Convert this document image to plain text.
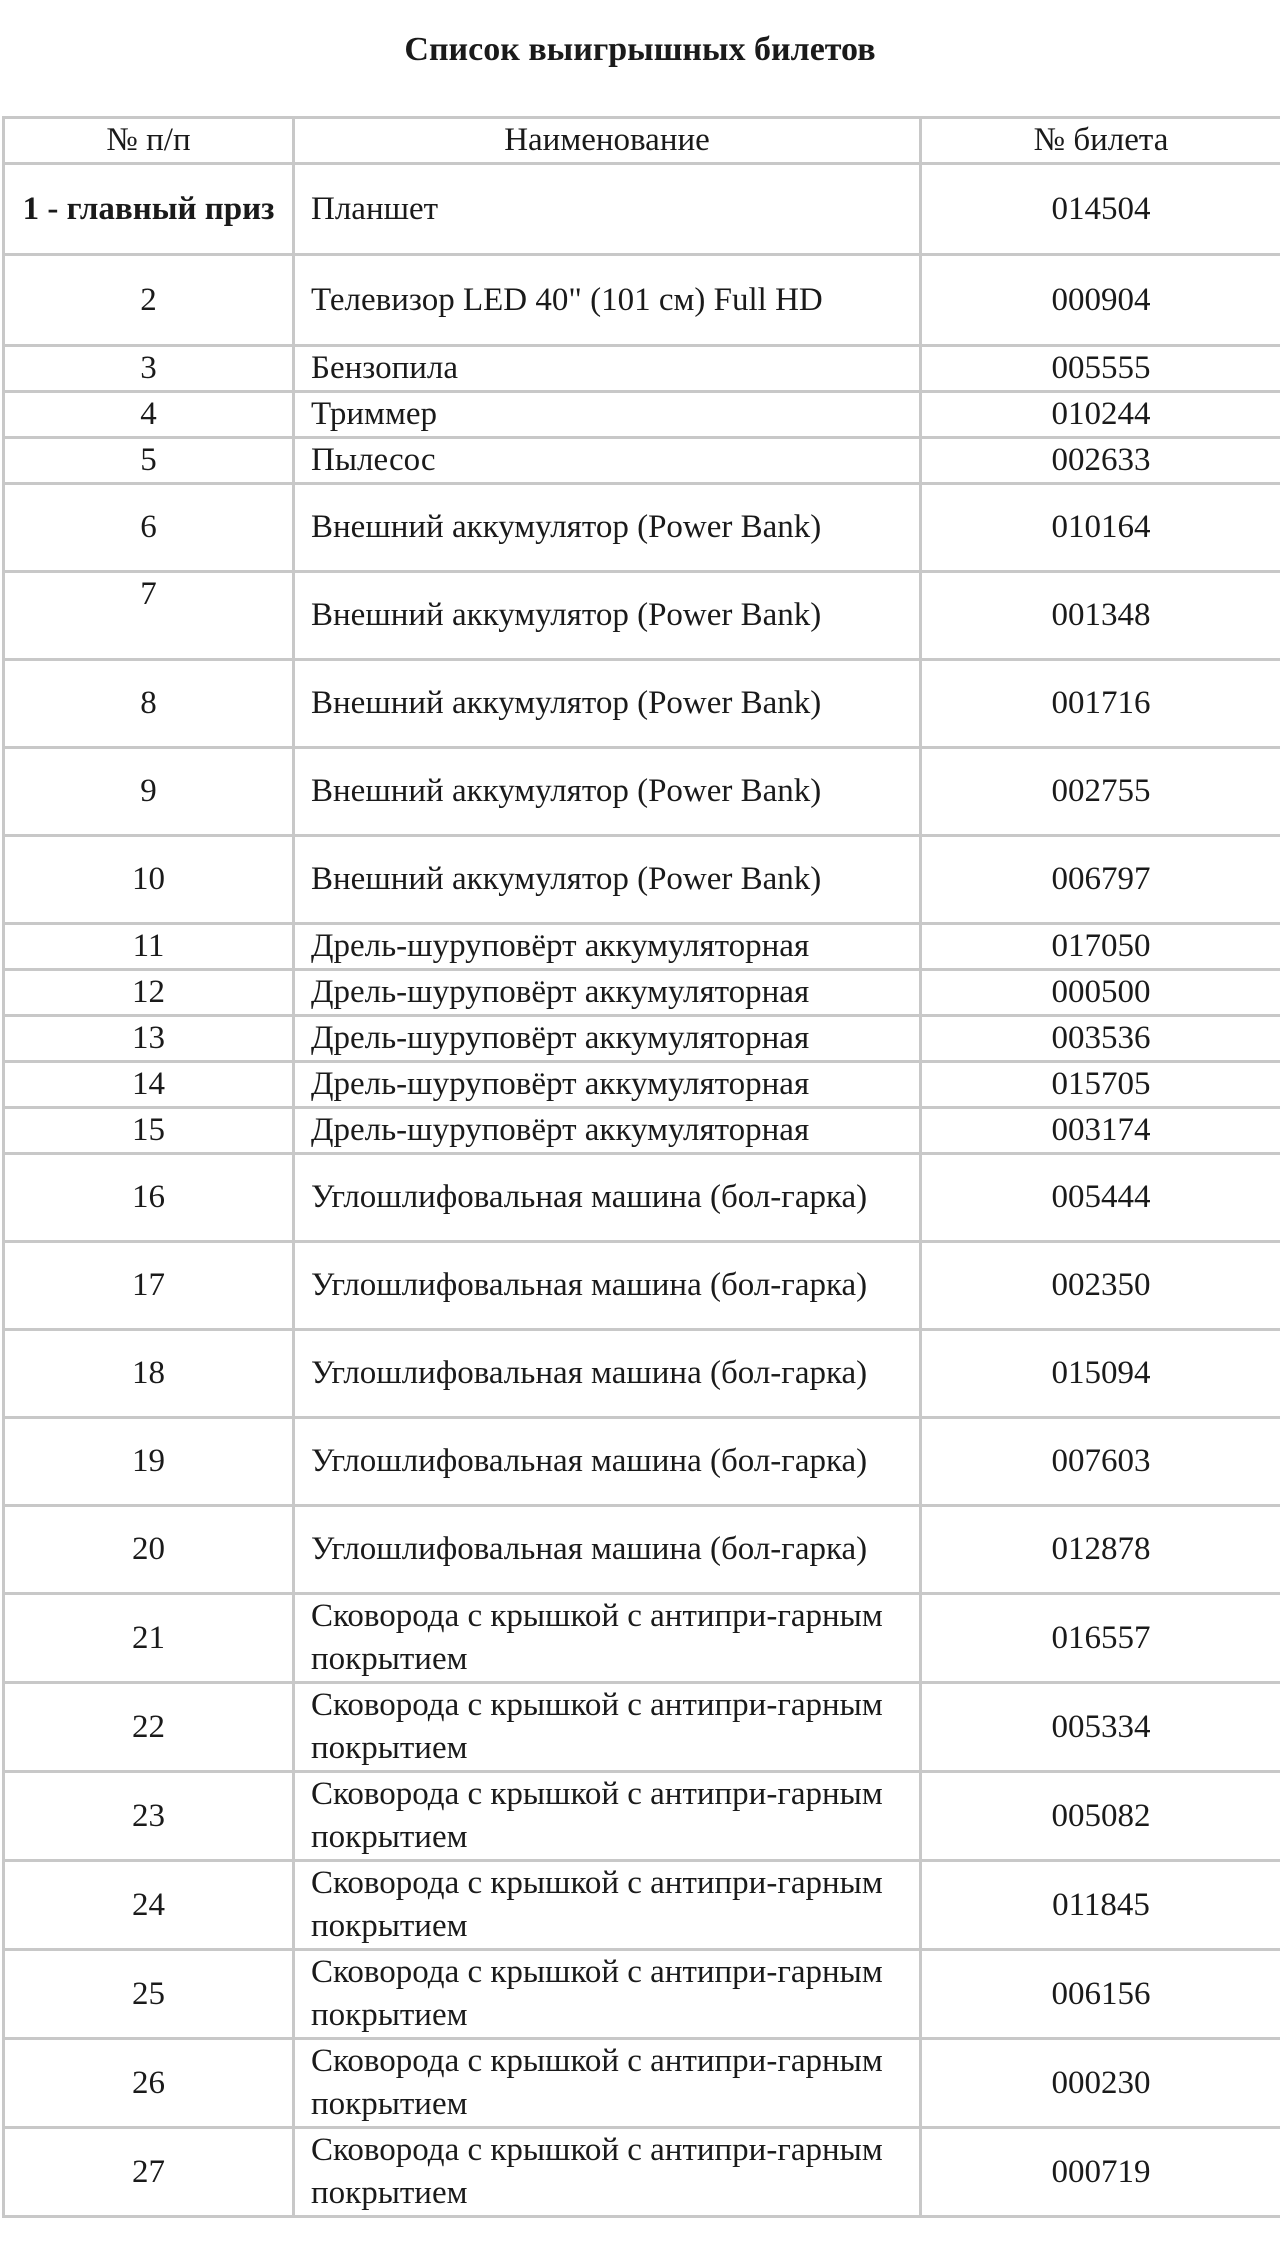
Список выигрышных билетов
№ п/п	Наименование	№ билета
1 - главный приз	Планшет	014504
2	Телевизор LED 40" (101 см) Full HD	000904
3	Бензопила	005555
4	Триммер	010244
5	Пылесос	002633
6	Внешний аккумулятор (Power Bank)	010164
7	Внешний аккумулятор (Power Bank)	001348
8	Внешний аккумулятор (Power Bank)	001716
9	Внешний аккумулятор (Power Bank)	002755
10	Внешний аккумулятор (Power Bank)	006797
11	Дрель-шуруповёрт аккумуляторная	017050
12	Дрель-шуруповёрт аккумуляторная	000500
13	Дрель-шуруповёрт аккумуляторная	003536
14	Дрель-шуруповёрт аккумуляторная	015705
15	Дрель-шуруповёрт аккумуляторная	003174
16	Углошлифовальная машина (бол-гарка)	005444
17	Углошлифовальная машина (бол-гарка)	002350
18	Углошлифовальная машина (бол-гарка)	015094
19	Углошлифовальная машина (бол-гарка)	007603
20	Углошлифовальная машина (бол-гарка)	012878
21	Сковорода с крышкой с антипри-гарным покрытием	016557
22	Сковорода с крышкой с антипри-гарным покрытием	005334
23	Сковорода с крышкой с антипри-гарным покрытием	005082
24	Сковорода с крышкой с антипри-гарным покрытием	011845
25	Сковорода с крышкой с антипри-гарным покрытием	006156
26	Сковорода с крышкой с антипри-гарным покрытием	000230
27	Сковорода с крышкой с антипри-гарным покрытием	000719
